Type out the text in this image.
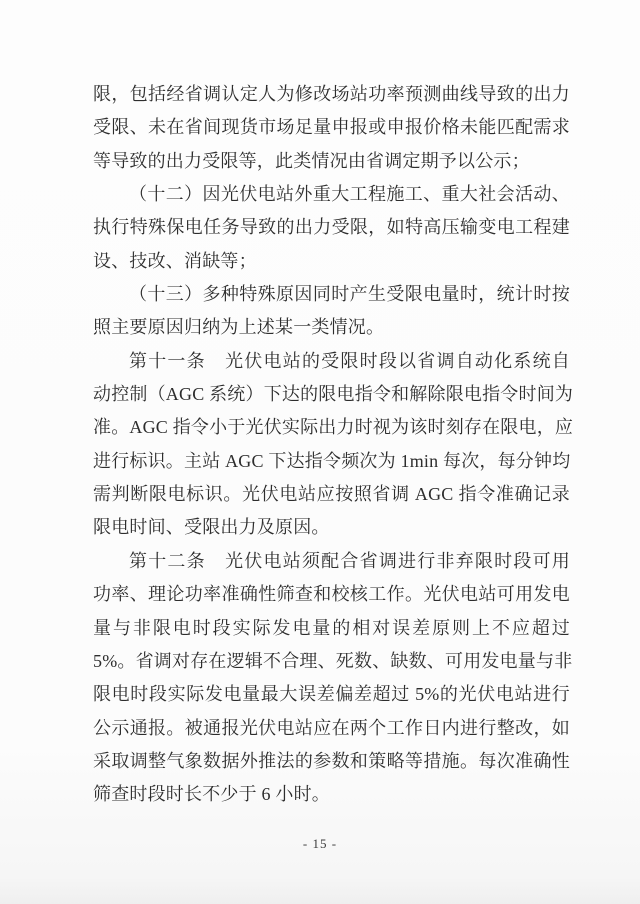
限，包括经省调认定人为修改场站功率预测曲线导致的出力
受限、未在省间现货市场足量申报或申报价格未能匹配需求
等导致的出力受限等，此类情况由省调定期予以公示；
（十二）因光伏电站外重大工程施工、重大社会活动、
执行特殊保电任务导致的出力受限，如特高压输变电工程建
设、技改、消缺等；
（十三）多种特殊原因同时产生受限电量时，统计时按
照主要原因归纳为上述某一类情况。
第十一条　光伏电站的受限时段以省调自动化系统自
动控制（AGC 系统）下达的限电指令和解除限电指令时间为
准。AGC 指令小于光伏实际出力时视为该时刻存在限电，应
进行标识。主站 AGC 下达指令频次为 1min 每次，每分钟均
需判断限电标识。光伏电站应按照省调 AGC 指令准确记录
限电时间、受限出力及原因。
第十二条　光伏电站须配合省调进行非弃限时段可用
功率、理论功率准确性筛查和校核工作。光伏电站可用发电
量与非限电时段实际发电量的相对误差原则上不应超过
5%。省调对存在逻辑不合理、死数、缺数、可用发电量与非
限电时段实际发电量最大误差偏差超过 5%的光伏电站进行
公示通报。被通报光伏电站应在两个工作日内进行整改，如
采取调整气象数据外推法的参数和策略等措施。每次准确性
筛查时段时长不少于 6 小时。
- 15 -
